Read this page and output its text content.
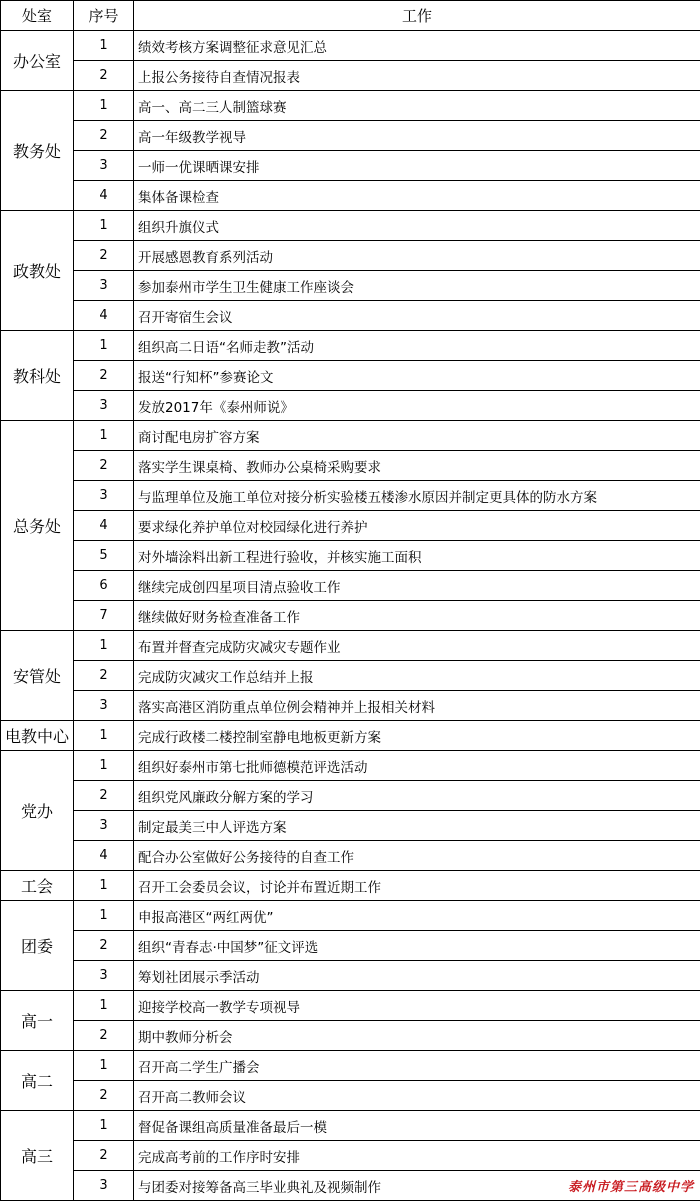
处室	序号	工作
办公室	1	绩效考核方案调整征求意见汇总
	2	上报公务接待自查情况报表
教务处	1	高一、高二三人制篮球赛
	2	高一年级教学视导
	3	一师一优课晒课安排
	4	集体备课检查
政教处	1	组织升旗仪式
	2	开展感恩教育系列活动
	3	参加泰州市学生卫生健康工作座谈会
	4	召开寄宿生会议
教科处	1	组织高二日语“名师走教”活动
	2	报送“行知杯”参赛论文
	3	发放2017年《泰州师说》
总务处	1	商讨配电房扩容方案
	2	落实学生课桌椅、教师办公桌椅采购要求
	3	与监理单位及施工单位对接分析实验楼五楼渗水原因并制定更具体的防水方案
	4	要求绿化养护单位对校园绿化进行养护
	5	对外墙涂料出新工程进行验收，并核实施工面积
	6	继续完成创四星项目清点验收工作
	7	继续做好财务检查准备工作
安管处	1	布置并督查完成防灾减灾专题作业
	2	完成防灾减灾工作总结并上报
	3	落实高港区消防重点单位例会精神并上报相关材料
电教中心	1	完成行政楼二楼控制室静电地板更新方案
党办	1	组织好泰州市第七批师德模范评选活动
	2	组织党风廉政分解方案的学习
	3	制定最美三中人评选方案
	4	配合办公室做好公务接待的自查工作
工会	1	召开工会委员会议，讨论并布置近期工作
团委	1	申报高港区“两红两优”
	2	组织“青春志·中国梦”征文评选
	3	筹划社团展示季活动
高一	1	迎接学校高一教学专项视导
	2	期中教师分析会
高二	1	召开高二学生广播会
	2	召开高二教师会议
高三	1	督促备课组高质量准备最后一模
	2	完成高考前的工作序时安排
	3	与团委对接筹备高三毕业典礼及视频制作	泰州市第三高级中学
